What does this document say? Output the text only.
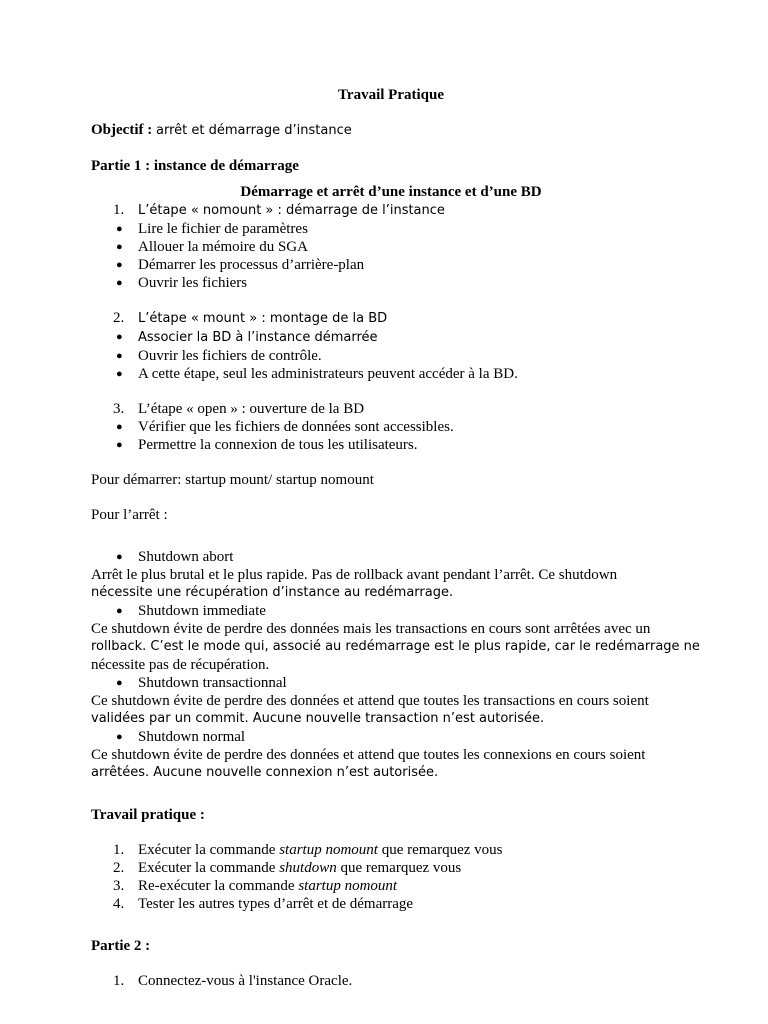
Travail Pratique
Objectif : arrêt et démarrage d’instance
Partie 1 : instance de démarrage
Démarrage et arrêt d’une instance et d’une BD
1. L’étape « nomount » : démarrage de l’instance
● Lire le fichier de paramètres
● Allouer la mémoire du SGA
● Démarrer les processus d’arrière-plan
● Ouvrir les fichiers
2. L’étape « mount » : montage de la BD
● Associer la BD à l’instance démarrée
● Ouvrir les fichiers de contrôle.
● A cette étape, seul les administrateurs peuvent accéder à la BD.
3. L’étape « open » : ouverture de la BD
● Vérifier que les fichiers de données sont accessibles.
● Permettre la connexion de tous les utilisateurs.
Pour démarrer: startup mount/ startup nomount
Pour l’arrêt :
● Shutdown abort
Arrêt le plus brutal et le plus rapide. Pas de rollback avant pendant l’arrêt. Ce shutdown
nécessite une récupération d’instance au redémarrage.
● Shutdown immediate
Ce shutdown évite de perdre des données mais les transactions en cours sont arrêtées avec un
rollback. C’est le mode qui, associé au redémarrage est le plus rapide, car le redémarrage ne
nécessite pas de récupération.
● Shutdown transactionnal
Ce shutdown évite de perdre des données et attend que toutes les transactions en cours soient
validées par un commit. Aucune nouvelle transaction n’est autorisée.
● Shutdown normal
Ce shutdown évite de perdre des données et attend que toutes les connexions en cours soient
arrêtées. Aucune nouvelle connexion n’est autorisée.
Travail pratique :
1. Exécuter la commande startup nomount que remarquez vous
2. Exécuter la commande shutdown que remarquez vous
3. Re-exécuter la commande startup nomount
4. Tester les autres types d’arrêt et de démarrage
Partie 2 :
1. Connectez-vous à l'instance Oracle.
